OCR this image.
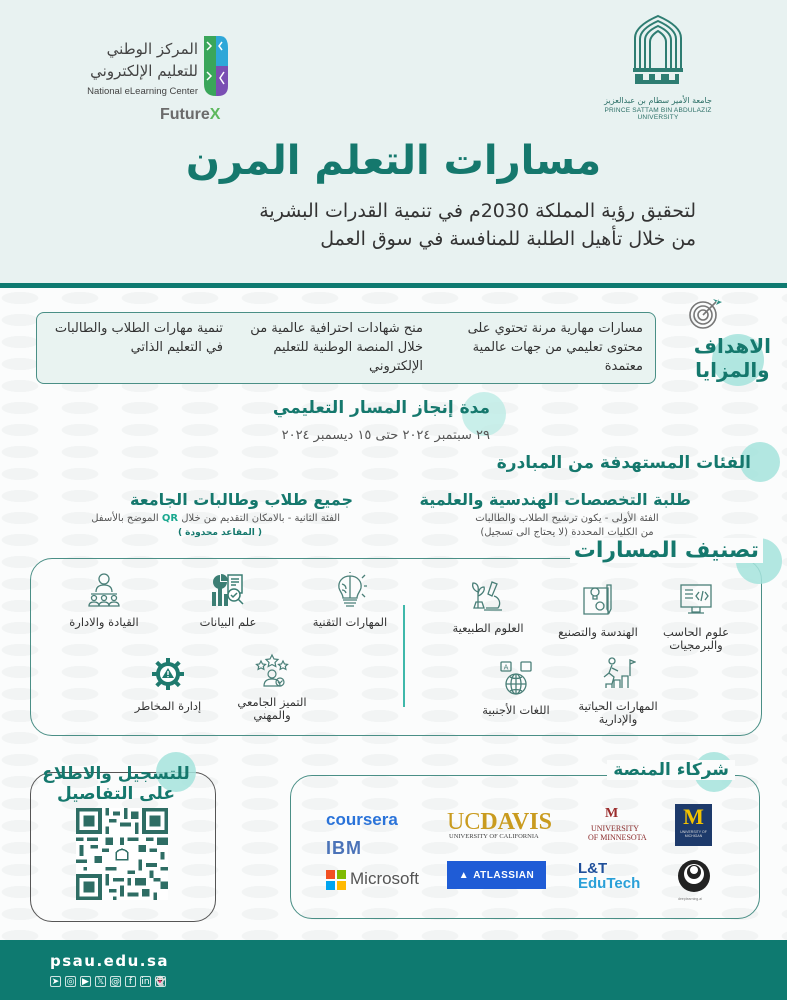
جامعة الأمير سطام بن عبدالعزيز
PRINCE SATTAM BIN ABDULAZIZ UNIVERSITY
المركز الوطني
للتعليم الإلكتروني
National eLearning Center
FutureX
مسارات التعلم المرن
لتحقيق رؤية المملكة 2030م في تنمية القدرات البشرية
من خلال تأهيل الطلبة للمنافسة في سوق العمل
الاهداف
والمزايا
مسارات مهارية مرنة تحتوي على محتوى تعليمي من جهات عالمية معتمدة
منح شهادات احترافية عالمية من خلال المنصة الوطنية للتعليم الإلكتروني
تنمية مهارات الطلاب والطالبات في التعليم الذاتي
مدة إنجاز المسار التعليمي
٢٩ سبتمبر ٢٠٢٤ حتى ١٥ ديسمبر ٢٠٢٤
الفئات المستهدفة من المبادرة
طلبة التخصصات الهندسية والعلمية
الفئة الأولى - يكون ترشيح الطلاب والطالبات
من الكليات المحددة (لا يحتاج الى تسجيل)
جميع طلاب وطالبات الجامعة
الفئة الثانية - بالامكان التقديم من خلال QR الموضح بالأسفل
( المقاعد محدودة )
تصنيف المسارات
علوم الحاسب
والبرمجيات
الهندسة والتصنيع
العلوم الطبيعية
المهارات الحياتية
والإدارية
A
اللغات الأجنبية
المهارات التقنية
علم البيانات
القيادة والادارة
التميز الجامعي
والمهني
إدارة المخاطر
شركاء المنصة
coursera
IBM
Microsoft
UCDAVIS
UNIVERSITY OF CALIFORNIA
▲ ATLASSIAN
M
UNIVERSITY
OF MINNESOTA
L&T
EduTech
M
UNIVERSITY OF MICHIGAN
deeplearning.ai
للتسجيل والاطلاع
على التفاصيل
psau.edu.sa
➤ ◎ ▶ 𝕏 @ f	in 👻
